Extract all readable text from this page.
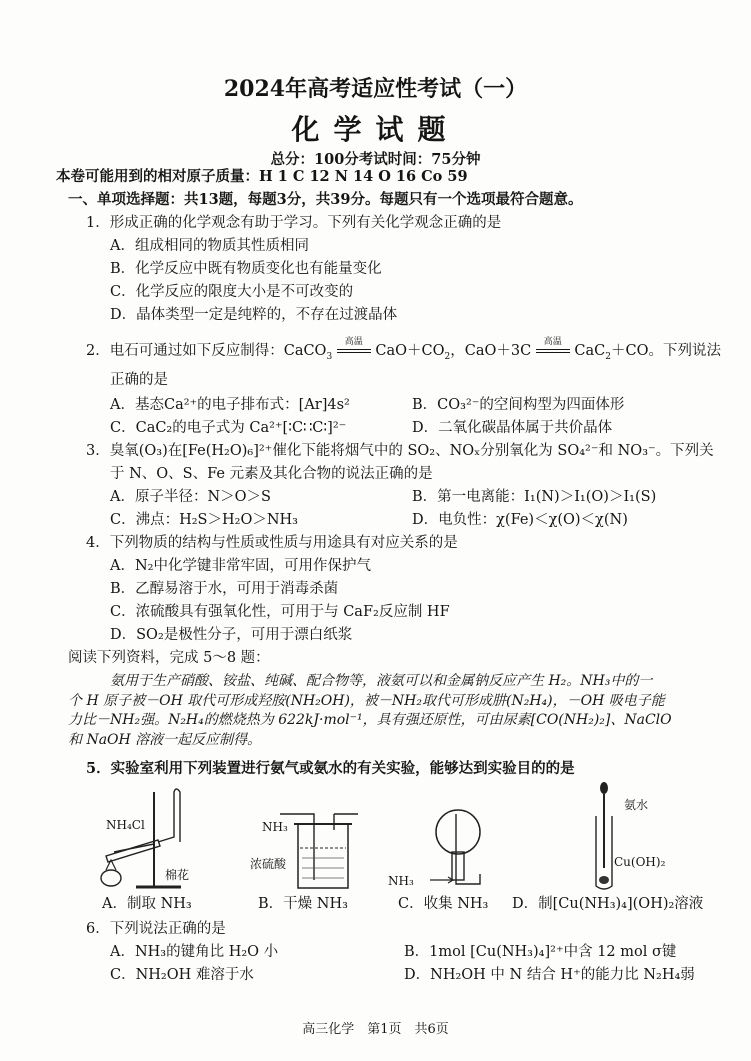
2024年高考适应性考试（一）
化学试题
总分：100分考试时间：75分钟
本卷可能用到的相对原子质量：H 1 C 12 N 14 O 16 Co 59
一、单项选择题：共13题，每题3分，共39分。每题只有一个选项最符合题意。
1．形成正确的化学观念有助于学习。下列有关化学观念正确的是
A．组成相同的物质其性质相同
B．化学反应中既有物质变化也有能量变化
C．化学反应的限度大小是不可改变的
D．晶体类型一定是纯粹的，不存在过渡晶体
2．电石可通过如下反应制得：CaCO$_3$
高温
$CaO+CO_2$，CaO＋3C
高温
CaC$_2$＋CO。下列说法
正确的是
A．基态Ca²⁺的电子排布式：[Ar]4s²	B．CO₃²⁻的空间构型为四面体形
C．CaC₂的电子式为 Ca²⁺[∶C∷C∶]²⁻	D．二氧化碳晶体属于共价晶体
3．臭氧(O₃)在[Fe(H₂O)₆]²⁺催化下能将烟气中的 SO₂、NOₓ分别氧化为 SO₄²⁻和 NO₃⁻。下列关
于 N、O、S、Fe 元素及其化合物的说法正确的是
A．原子半径：N＞O＞S	B．第一电离能：I₁(N)＞I₁(O)＞I₁(S)
C．沸点：H₂S＞H₂O＞NH₃	D．电负性：χ(Fe)＜χ(O)＜χ(N)
4．下列物质的结构与性质或性质与用途具有对应关系的是
A．N₂中化学键非常牢固，可用作保护气
B．乙醇易溶于水，可用于消毒杀菌
C．浓硫酸具有强氧化性，可用于与 CaF₂反应制 HF
D．SO₂是极性分子，可用于漂白纸浆
阅读下列资料，完成 5～8 题：
氨用于生产硝酸、铵盐、纯碱、配合物等，液氨可以和金属钠反应产生 H₂。NH₃中的一
个 H 原子被－OH 取代可形成羟胺(NH₂OH)，被－NH₂取代可形成肼(N₂H₄)，－OH 吸电子能
力比－NH₂强。N₂H₄的燃烧热为 622kJ·mol⁻¹，具有强还原性，可由尿素[CO(NH₂)₂]、NaClO
和 NaOH 溶液一起反应制得。
5．实验室利用下列装置进行氨气或氨水的有关实验，能够达到实验目的的是
NH₄Cl
棉花
A．制取 NH₃
NH₃
浓硫酸
B．干燥 NH₃
NH₃
C．收集 NH₃
氨水
Cu(OH)₂
D．制[Cu(NH₃)₄](OH)₂溶液
6．下列说法正确的是
A．NH₃的键角比 H₂O 小	B．1mol [Cu(NH₃)₄]²⁺中含 12 mol σ键
C．NH₂OH 难溶于水	D．NH₂OH 中 N 结合 H⁺的能力比 N₂H₄弱
高三化学　第1页　共6页
